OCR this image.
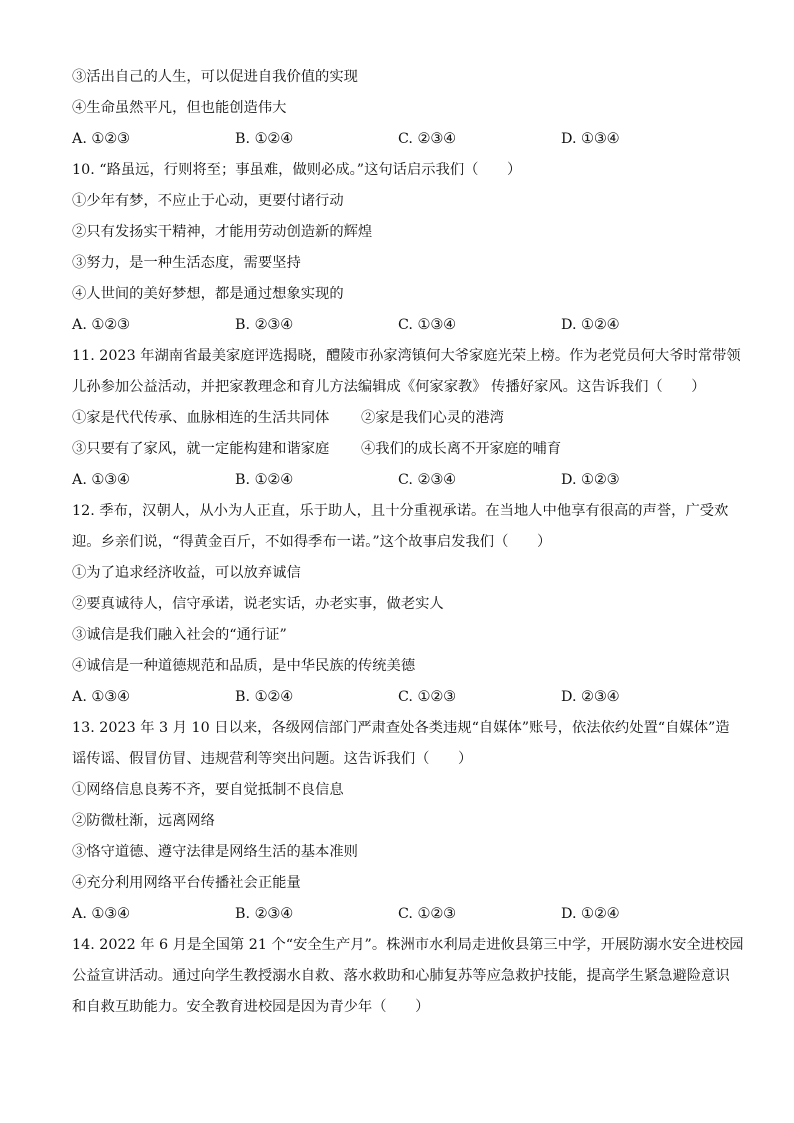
③活出自己的人生，可以促进自我价值的实现
④生命虽然平凡，但也能创造伟大
A. ①②③	B. ①②④	C. ②③④	D. ①③④
10. “路虽远，行则将至；事虽难，做则必成。”这句话启示我们（　　）
①少年有梦，不应止于心动，更要付诸行动
②只有发扬实干精神，才能用劳动创造新的辉煌
③努力，是一种生活态度，需要坚持
④人世间的美好梦想，都是通过想象实现的
A. ①②③	B. ②③④	C. ①③④	D. ①②④
11. 2023 年湖南省最美家庭评选揭晓，醴陵市孙家湾镇何大爷家庭光荣上榜。作为老党员何大爷时常带领
儿孙参加公益活动，并把家教理念和育儿方法编辑成《何家家教》 传播好家风。这告诉我们（　　）
①家是代代传承、血脉相连的生活共同体	②家是我们心灵的港湾
③只要有了家风，就一定能构建和谐家庭	④我们的成长离不开家庭的哺育
A. ①③④	B. ①②④	C. ②③④	D. ①②③
12. 季布，汉朝人，从小为人正直，乐于助人，且十分重视承诺。在当地人中他享有很高的声誉，广受欢
迎。乡亲们说，“得黄金百斤，不如得季布一诺。”这个故事启发我们（　　）
①为了追求经济收益，可以放弃诚信
②要真诚待人，信守承诺，说老实话，办老实事，做老实人
③诚信是我们融入社会的“通行证”
④诚信是一种道德规范和品质，是中华民族的传统美德
A. ①③④	B. ①②④	C. ①②③	D. ②③④
13. 2023 年 3 月 10 日以来，各级网信部门严肃查处各类违规“自媒体”账号，依法依约处置“自媒体”造
谣传谣、假冒仿冒、违规营利等突出问题。这告诉我们（　　）
①网络信息良莠不齐，要自觉抵制不良信息
②防微杜渐，远离网络
③恪守道德、遵守法律是网络生活的基本准则
④充分利用网络平台传播社会正能量
A. ①③④	B. ②③④	C. ①②③	D. ①②④
14. 2022 年 6 月是全国第 21 个“安全生产月”。株洲市水利局走进攸县第三中学，开展防溺水安全进校园
公益宣讲活动。通过向学生教授溺水自救、落水救助和心肺复苏等应急救护技能，提高学生紧急避险意识
和自救互助能力。安全教育进校园是因为青少年（　　）
